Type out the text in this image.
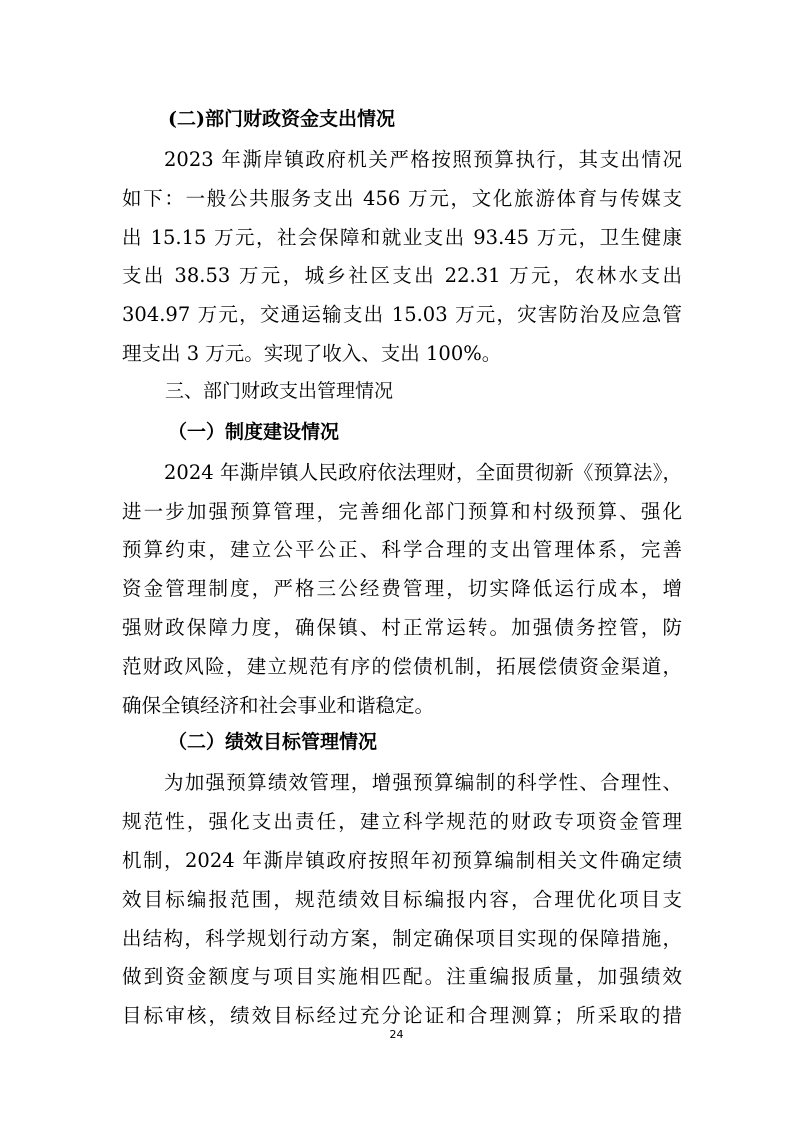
(二)部门财政资金支出情况
2023 年澌岸镇政府机关严格按照预算执行，其支出情况
如下：一般公共服务支出 456 万元，文化旅游体育与传媒支
出 15.15 万元，社会保障和就业支出 93.45 万元，卫生健康
支出 38.53 万元，城乡社区支出 22.31 万元，农林水支出
304.97 万元，交通运输支出 15.03 万元，灾害防治及应急管
理支出 3 万元。实现了收入、支出 100%。
三、部门财政支出管理情况
（一）制度建设情况
2024 年澌岸镇人民政府依法理财，全面贯彻新《预算法》，
进一步加强预算管理，完善细化部门预算和村级预算、强化
预算约束，建立公平公正、科学合理的支出管理体系，完善
资金管理制度，严格三公经费管理，切实降低运行成本，增
强财政保障力度，确保镇、村正常运转。加强债务控管，防
范财政风险，建立规范有序的偿债机制，拓展偿债资金渠道，
确保全镇经济和社会事业和谐稳定。
（二）绩效目标管理情况
为加强预算绩效管理，增强预算编制的科学性、合理性、
规范性，强化支出责任，建立科学规范的财政专项资金管理
机制，2024 年澌岸镇政府按照年初预算编制相关文件确定绩
效目标编报范围，规范绩效目标编报内容，合理优化项目支
出结构，科学规划行动方案，制定确保项目实现的保障措施，
做到资金额度与项目实施相匹配。注重编报质量，加强绩效
目标审核，绩效目标经过充分论证和合理测算；所采取的措
24
